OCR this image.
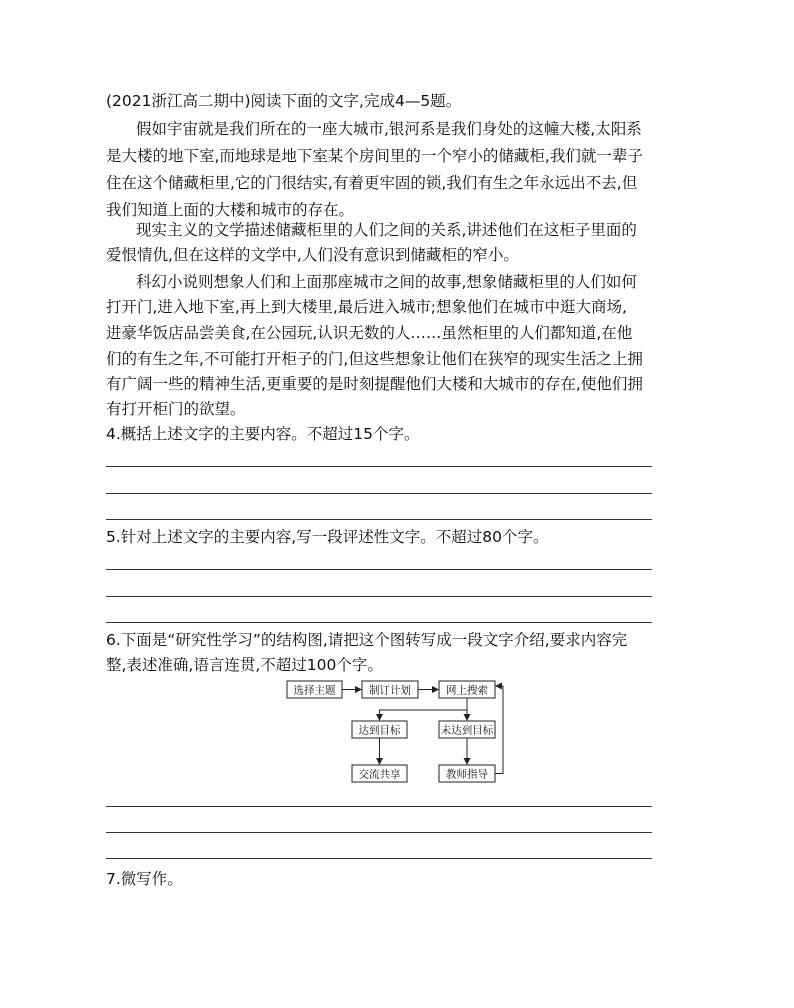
(2021浙江高二期中)阅读下面的文字,完成4—5题。
假如宇宙就是我们所在的一座大城市,银河系是我们身处的这幢大楼,太阳系
是大楼的地下室,而地球是地下室某个房间里的一个窄小的储藏柜,我们就一辈子
住在这个储藏柜里,它的门很结实,有着更牢固的锁,我们有生之年永远出不去,但
我们知道上面的大楼和城市的存在。
现实主义的文学描述储藏柜里的人们之间的关系,讲述他们在这柜子里面的
爱恨情仇,但在这样的文学中,人们没有意识到储藏柜的窄小。
科幻小说则想象人们和上面那座城市之间的故事,想象储藏柜里的人们如何
打开门,进入地下室,再上到大楼里,最后进入城市;想象他们在城市中逛大商场,
进豪华饭店品尝美食,在公园玩,认识无数的人……虽然柜里的人们都知道,在他
们的有生之年,不可能打开柜子的门,但这些想象让他们在狭窄的现实生活之上拥
有广阔一些的精神生活,更重要的是时刻提醒他们大楼和大城市的存在,使他们拥
有打开柜门的欲望。
4.概括上述文字的主要内容。不超过15个字。
5.针对上述文字的主要内容,写一段评述性文字。不超过80个字。
6.下面是“研究性学习”的结构图,请把这个图转写成一段文字介绍,要求内容完
整,表述准确,语言连贯,不超过100个字。
选择主题	制订计划	网上搜索
达到目标	未达到目标
交流共享	教师指导
7.微写作。
